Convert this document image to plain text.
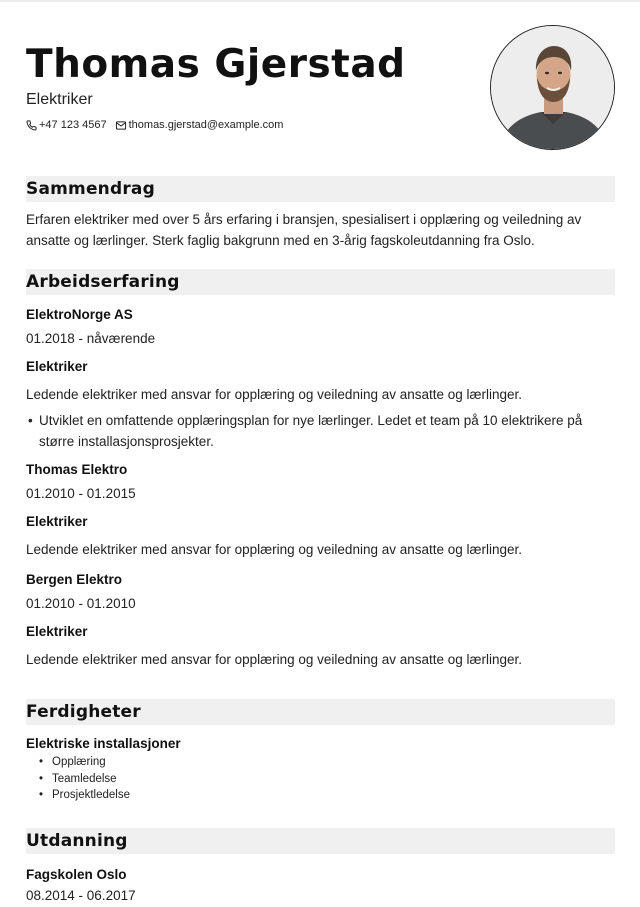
Thomas Gjerstad
Elektriker
+47 123 4567 thomas.gjerstad@example.com
Sammendrag
Erfaren elektriker med over 5 års erfaring i bransjen, spesialisert i opplæring og veiledning av ansatte og lærlinger. Sterk faglig bakgrunn med en 3-årig fagskoleutdanning fra Oslo.
Arbeidserfaring
ElektroNorge AS
01.2018 - nåværende
Elektriker
Ledende elektriker med ansvar for opplæring og veiledning av ansatte og lærlinger.
• Utviklet en omfattende opplæringsplan for nye lærlinger. Ledet et team på 10 elektrikere på større installasjonsprosjekter.
Thomas Elektro
01.2010 - 01.2015
Elektriker
Ledende elektriker med ansvar for opplæring og veiledning av ansatte og lærlinger.
Bergen Elektro
01.2010 - 01.2010
Elektriker
Ledende elektriker med ansvar for opplæring og veiledning av ansatte og lærlinger.
Ferdigheter
Elektriske installasjoner
• Opplæring
• Teamledelse
• Prosjektledelse
Utdanning
Fagskolen Oslo
08.2014 - 06.2017
